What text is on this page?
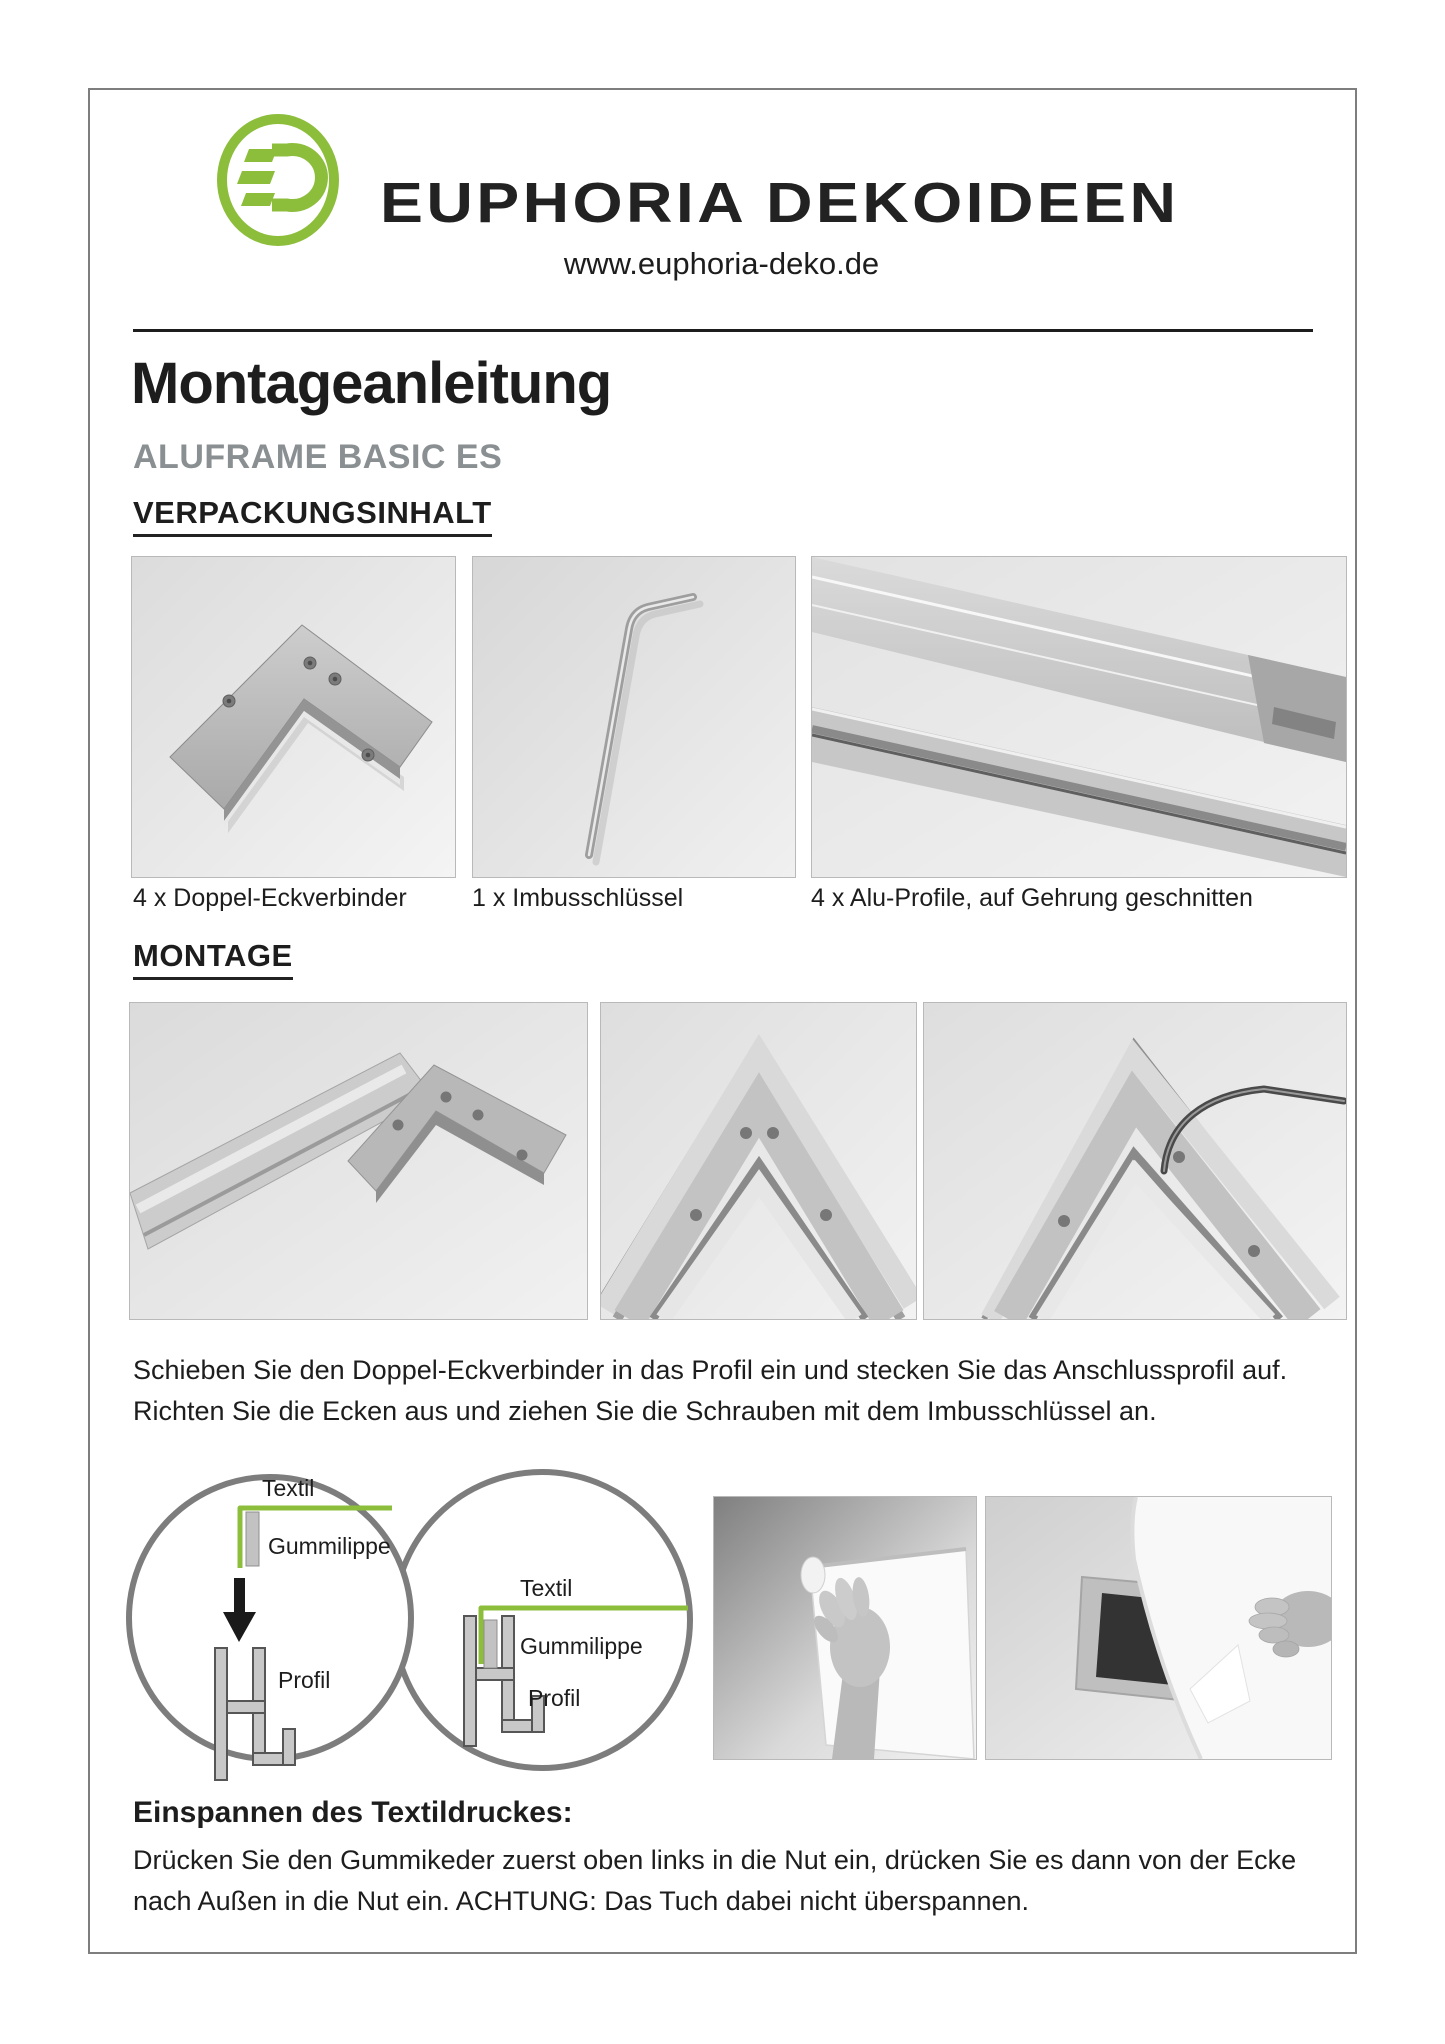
EUPHORIA DEKOIDEEN
www.euphoria-deko.de
Montageanleitung
ALUFRAME BASIC ES
VERPACKUNGSINHALT
4 x Doppel-Eckverbinder	1 x Imbusschlüssel	4 x Alu-Profile, auf Gehrung geschnitten
MONTAGE
Schieben Sie den Doppel-Eckverbinder in das Profil ein und stecken Sie das Anschlussprofil auf. Richten Sie die Ecken aus und ziehen Sie die Schrauben mit dem Imbusschlüssel an.
Textil
Gummilippe
Profil
Textil
Gummilippe
Profil
Einspannen des Textildruckes:
Drücken Sie den Gummikeder zuerst oben links in die Nut ein, drücken Sie es dann von der Ecke nach Außen in die Nut ein. ACHTUNG: Das Tuch dabei nicht überspannen.
